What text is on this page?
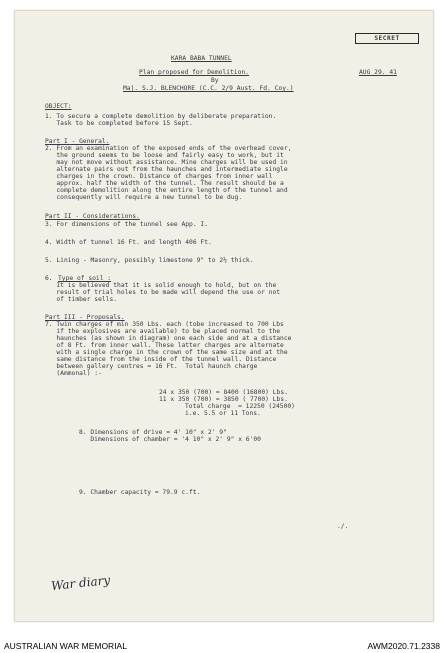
SECRET
KARA BABA TUNNEL
Plan proposed for Demolition.	AUG 29. 41
By
Maj. S.J. BLENCHORE (C.C. 2/9 Aust. Fd. Coy.)
OBJECT:
1. To secure a complete demolition by deliberate preparation.
Task to be completed before 15 Sept.
Part I - General.
2. From an examination of the exposed ends of the overhead cover,
the ground seems to be loose and fairly easy to work, but it
may not move without assistance. Mine charges will be used in
alternate pairs out from the haunches and intermediate single
charges in the crown. Distance of charges from inner wall
approx. half the width of the tunnel. The result should be a
complete demolition along the entire length of the tunnel and
consequently will require a new tunnel to be dug.
Part II - Considerations.
3. For dimensions of the tunnel see App. I.
4. Width of tunnel 16 Ft. and length 406 Ft.
5. Lining - Masonry, possibly limestone 9" to 2½ thick.
6. Type of soil :
It is believed that it is solid enough to hold, but on the
result of trial holes to be made will depend the use or not
of timber sells.
Part III - Proposals.
7. Twin charges of min 350 Lbs. each (tobe increased to 700 Lbs
if the explosives are available) to be placed normal to the
haunches (as shown in diagram) one each side and at a distance
of 8 Ft. from inner wall. These latter charges are alternate
with a single charge in the crown of the same size and at the
same distance from the inside of the tunnel wall. Distance
between gallery centres = 16 Ft.  Total haunch charge
(Ammonal) :-
24 x 350 (700) = 8400 (16800) Lbs.
11 x 350 (700) = 3850 ( 7700) Lbs.
Total charge  = 12250 (24500)
i.e. 5.5 or 11 Tons.
8. Dimensions of drive = 4' 10" x 2' 9"
Dimensions of chamber = '4 10" x 2' 9" x 6'00
9. Chamber capacity = 79.9 c.ft.
./.
War diary
AUSTRALIAN WAR MEMORIAL	AWM2020.71.2338
